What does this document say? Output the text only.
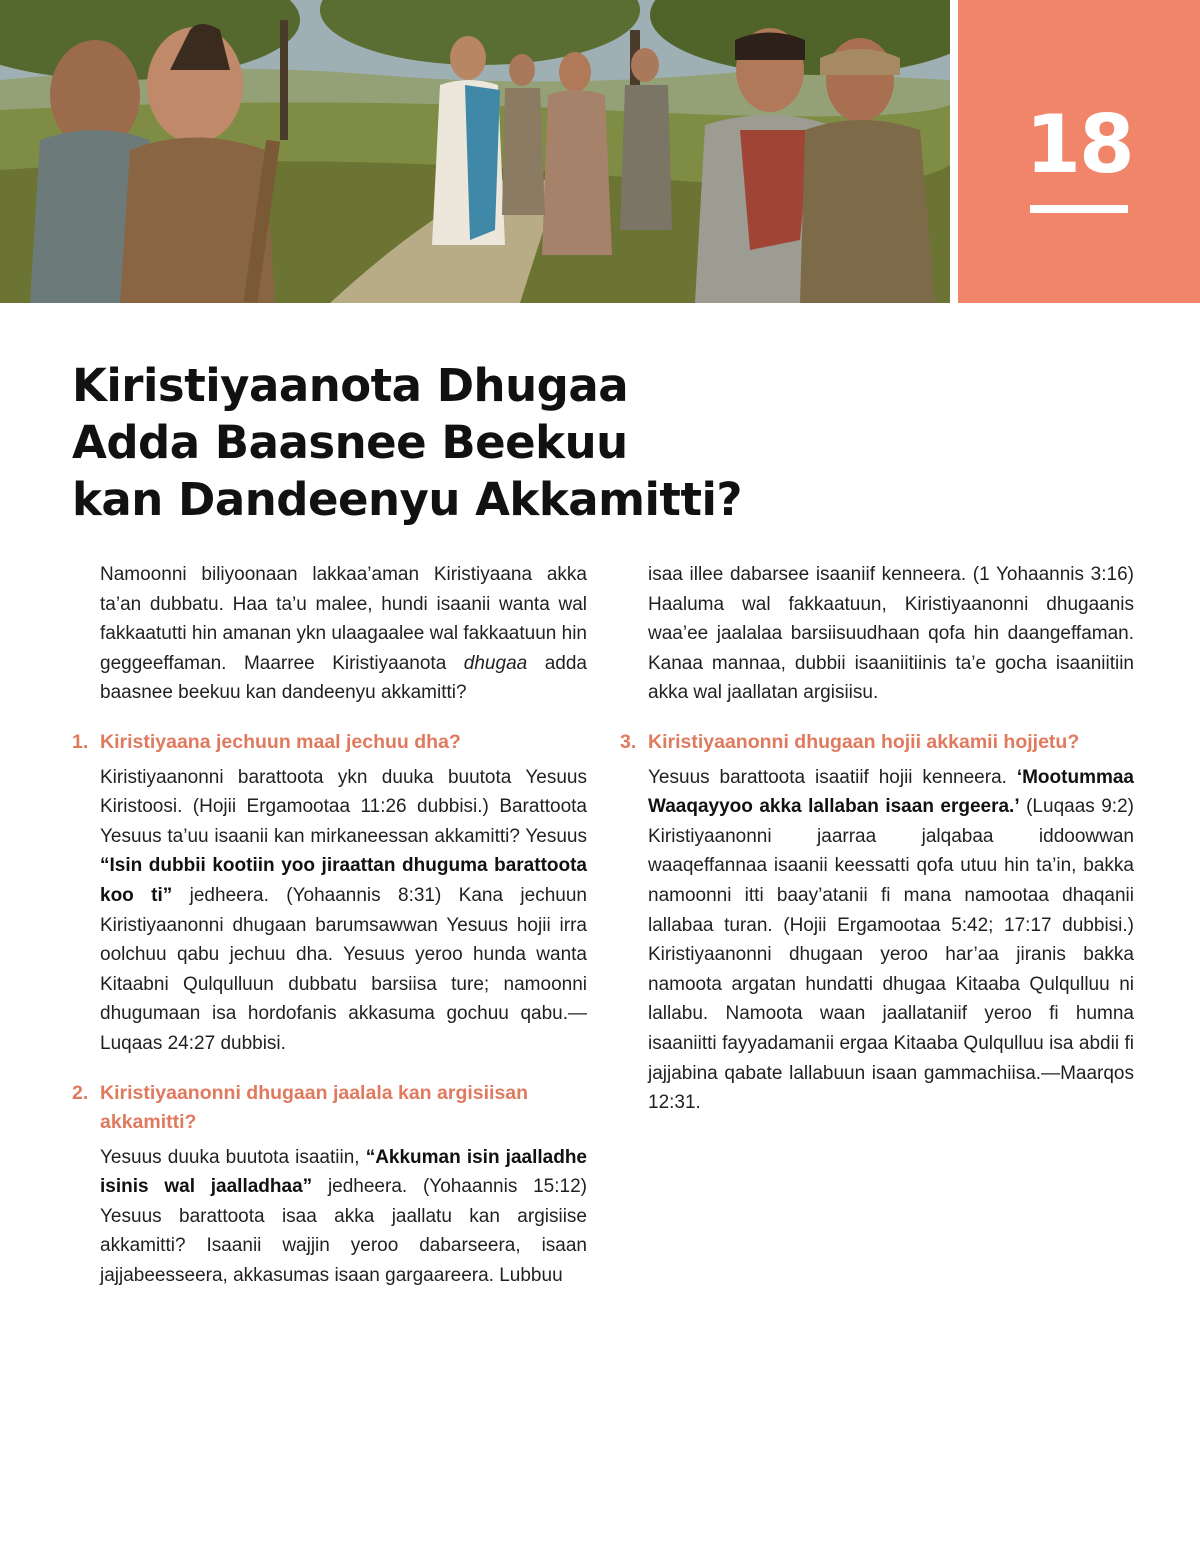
18
Kiristiyaanota Dhugaa
Adda Baasnee Beekuu
kan Dandeenyu Akkamitti?

Namoonni biliyoonaan lakkaa’aman Kiristiyaana akka ta’an dubbatu. Haa ta’u malee, hundi isaanii wanta wal fakkaatutti hin amanan ykn ulaagaalee wal fakkaatuun hin geggeeffaman. Maarree Kiristiyaanota dhugaa adda baasnee beekuu kan dandeenyu akkamitti?

1. Kiristiyaana jechuun maal jechuu dha?

Kiristiyaanonni barattoota ykn duuka buutota Yesuus Kiristoosi. (Hojii Ergamootaa 11:26 dubbisi.) Barattoota Yesuus ta’uu isaanii kan mirkaneessan akkamitti? Yesuus “Isin dubbii kootiin yoo jiraattan dhuguma barattoota koo ti” jedheera. (Yohaannis 8:31) Kana jechuun Kiristiyaanonni dhugaan barumsawwan Yesuus hojii irra oolchuu qabu jechuu dha. Yesuus yeroo hunda wanta Kitaabni Qulqulluun dubbatu barsiisa ture; namoonni dhugumaan isa hordofanis akkasuma gochuu qabu.—Luqaas 24:27 dubbisi.

2. Kiristiyaanonni dhugaan jaalala kan argisiisan akkamitti?

Yesuus duuka buutota isaatiin, “Akkuman isin jaalladhe isinis wal jaalladhaa” jedheera. (Yohaannis 15:12) Yesuus barattoota isaa akka jaallatu kan argisiise akkamitti? Isaanii wajjin yeroo dabarseera, isaan jajjabeesseera, akkasumas isaan gargaareera. Lubbuu

isaa illee dabarsee isaaniif kenneera. (1 Yohaannis 3:16) Haaluma wal fakkaatuun, Kiristiyaanonni dhugaanis waa’ee jaalalaa barsiisuudhaan qofa hin daangeffaman. Kanaa mannaa, dubbii isaaniitiinis ta’e gocha isaaniitiin akka wal jaallatan argisiisu.

3. Kiristiyaanonni dhugaan hojii akkamii hojjetu?

Yesuus barattoota isaatiif hojii kenneera. ‘Mootummaa Waaqayyoo akka lallaban isaan ergeera.’ (Luqaas 9:2) Kiristiyaanonni jaarraa jalqabaa iddoowwan waaqeffannaa isaanii keessatti qofa utuu hin ta’in, bakka namoonni itti baay’atanii fi mana namootaa dhaqanii lallabaa turan. (Hojii Ergamootaa 5:42; 17:17 dubbisi.) Kiristiyaanonni dhugaan yeroo har’aa jiranis bakka namoota argatan hundatti dhugaa Kitaaba Qulqulluu ni lallabu. Namoota waan jaallataniif yeroo fi humna isaaniitti fayyadamanii ergaa Kitaaba Qulqulluu isa abdii fi jajjabina qabate lallabuun isaan gammachiisa.—Maarqos 12:31.
